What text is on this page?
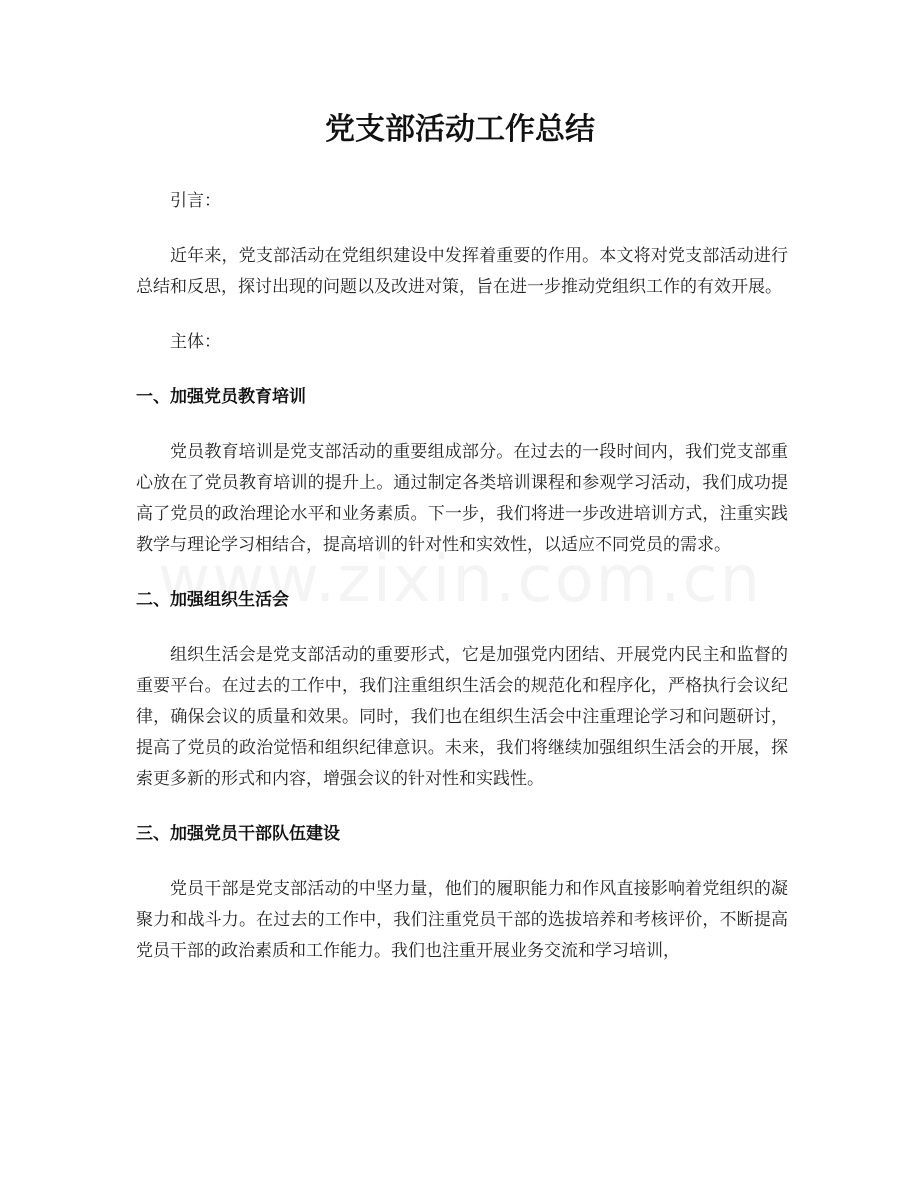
党支部活动工作总结

引言：

近年来，党支部活动在党组织建设中发挥着重要的作用。本文将对党支部活动进行总结和反思，探讨出现的问题以及改进对策，旨在进一步推动党组织工作的有效开展。

主体：

一、加强党员教育培训

党员教育培训是党支部活动的重要组成部分。在过去的一段时间内，我们党支部重心放在了党员教育培训的提升上。通过制定各类培训课程和参观学习活动，我们成功提高了党员的政治理论水平和业务素质。下一步，我们将进一步改进培训方式，注重实践教学与理论学习相结合，提高培训的针对性和实效性，以适应不同党员的需求。

二、加强组织生活会

组织生活会是党支部活动的重要形式，它是加强党内团结、开展党内民主和监督的重要平台。在过去的工作中，我们注重组织生活会的规范化和程序化，严格执行会议纪律，确保会议的质量和效果。同时，我们也在组织生活会中注重理论学习和问题研讨，提高了党员的政治觉悟和组织纪律意识。未来，我们将继续加强组织生活会的开展，探索更多新的形式和内容，增强会议的针对性和实践性。

三、加强党员干部队伍建设

党员干部是党支部活动的中坚力量，他们的履职能力和作风直接影响着党组织的凝聚力和战斗力。在过去的工作中，我们注重党员干部的选拔培养和考核评价，不断提高党员干部的政治素质和工作能力。我们也注重开展业务交流和学习培训，
